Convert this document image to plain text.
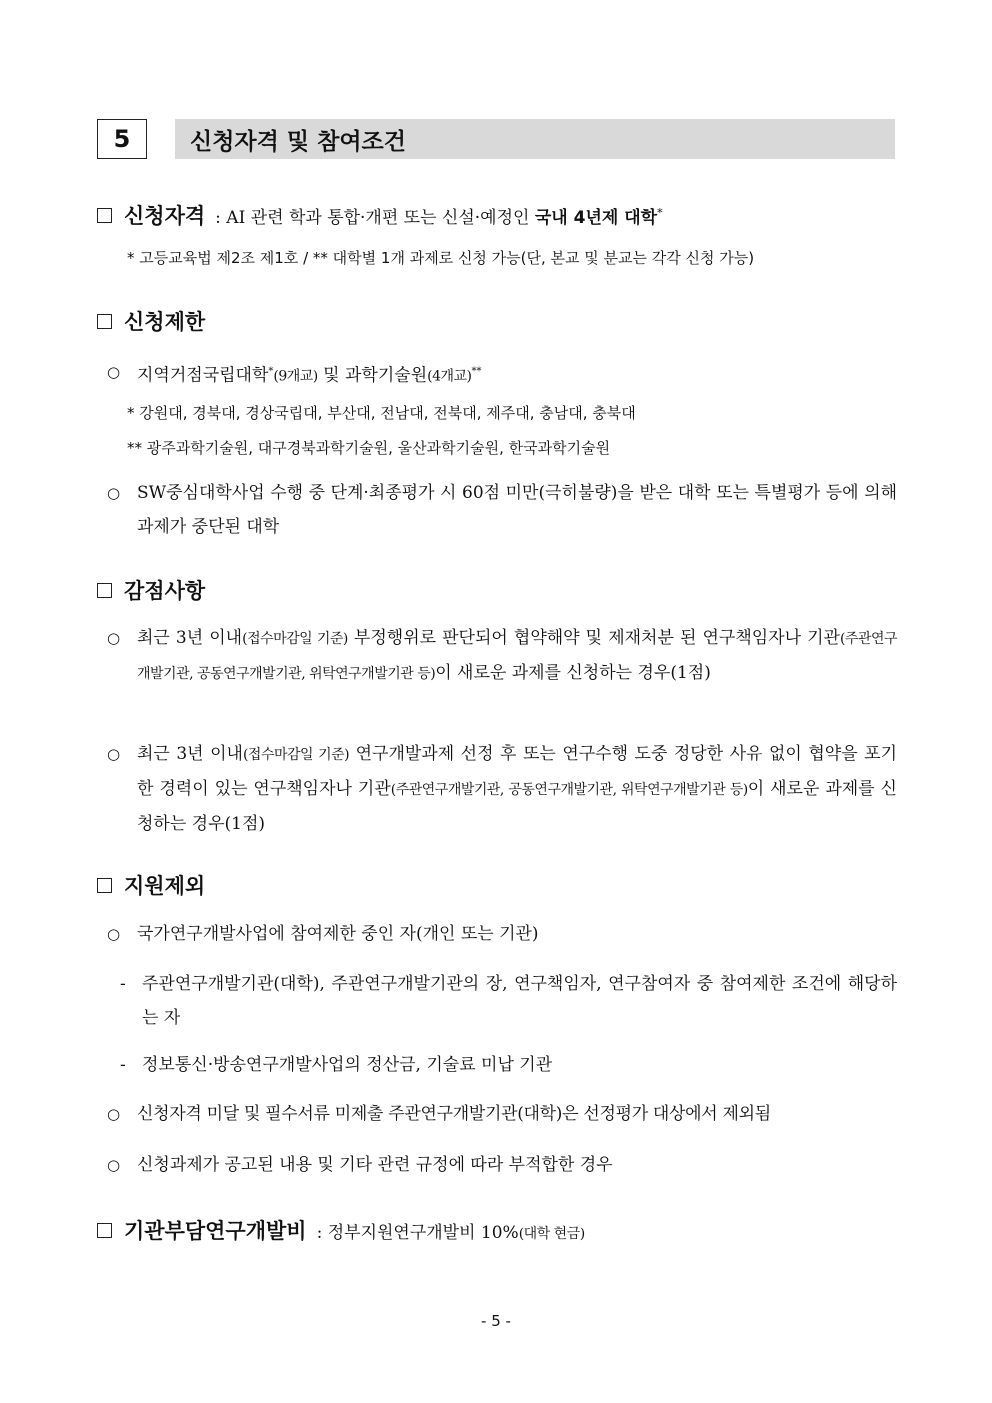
5	신청자격 및 참여조건
신청자격 : AI 관련 학과 통합·개편 또는 신설·예정인 국내 4년제 대학*
* 고등교육법 제2조 제1호 / ** 대학별 1개 과제로 신청 가능(단, 본교 및 분교는 각각 신청 가능)
신청제한
○ 지역거점국립대학*(9개교) 및 과학기술원(4개교)**
* 강원대, 경북대, 경상국립대, 부산대, 전남대, 전북대, 제주대, 충남대, 충북대
** 광주과학기술원, 대구경북과학기술원, 울산과학기술원, 한국과학기술원
○ SW중심대학사업 수행 중 단계·최종평가 시 60점 미만(극히불량)을 받은 대학 또는 특별평가 등에 의해 과제가 중단된 대학
감점사항
○ 최근 3년 이내(접수마감일 기준) 부정행위로 판단되어 협약해약 및 제재처분 된 연구책임자나 기관(주관연구개발기관, 공동연구개발기관, 위탁연구개발기관 등)이 새로운 과제를 신청하는 경우(1점)
○ 최근 3년 이내(접수마감일 기준) 연구개발과제 선정 후 또는 연구수행 도중 정당한 사유 없이 협약을 포기한 경력이 있는 연구책임자나 기관(주관연구개발기관, 공동연구개발기관, 위탁연구개발기관 등)이 새로운 과제를 신청하는 경우(1점)
지원제외
○ 국가연구개발사업에 참여제한 중인 자(개인 또는 기관)
- 주관연구개발기관(대학), 주관연구개발기관의 장, 연구책임자, 연구참여자 중 참여제한 조건에 해당하는 자
- 정보통신·방송연구개발사업의 정산금, 기술료 미납 기관
○ 신청자격 미달 및 필수서류 미제출 주관연구개발기관(대학)은 선정평가 대상에서 제외됨
○ 신청과제가 공고된 내용 및 기타 관련 규정에 따라 부적합한 경우
기관부담연구개발비 : 정부지원연구개발비 10%(대학 현금)
- 5 -
